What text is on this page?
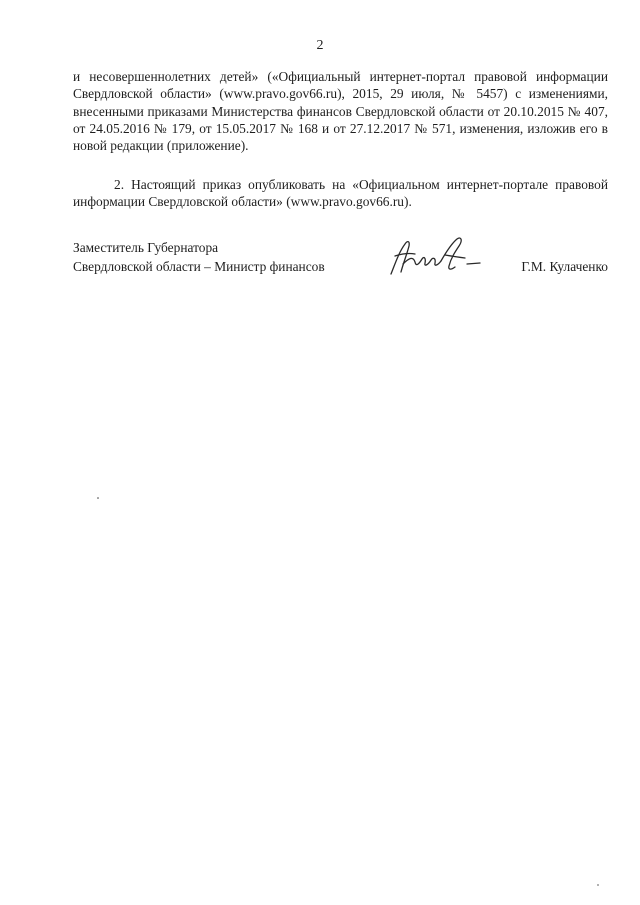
2

и несовершеннолетних детей» («Официальный интернет-портал правовой информации Свердловской области» (www.pravo.gov66.ru), 2015, 29 июля, № 5457) с изменениями, внесенными приказами Министерства финансов Свердловской области от 20.10.2015 № 407, от 24.05.2016 № 179, от 15.05.2017 № 168 и от 27.12.2017 № 571, изменения, изложив его в новой редакции (приложение).

2. Настоящий приказ опубликовать на «Официальном интернет-портале правовой информации Свердловской области» (www.pravo.gov66.ru).

Заместитель Губернатора
Свердловской области – Министр финансов	Г.М. Кулаченко
